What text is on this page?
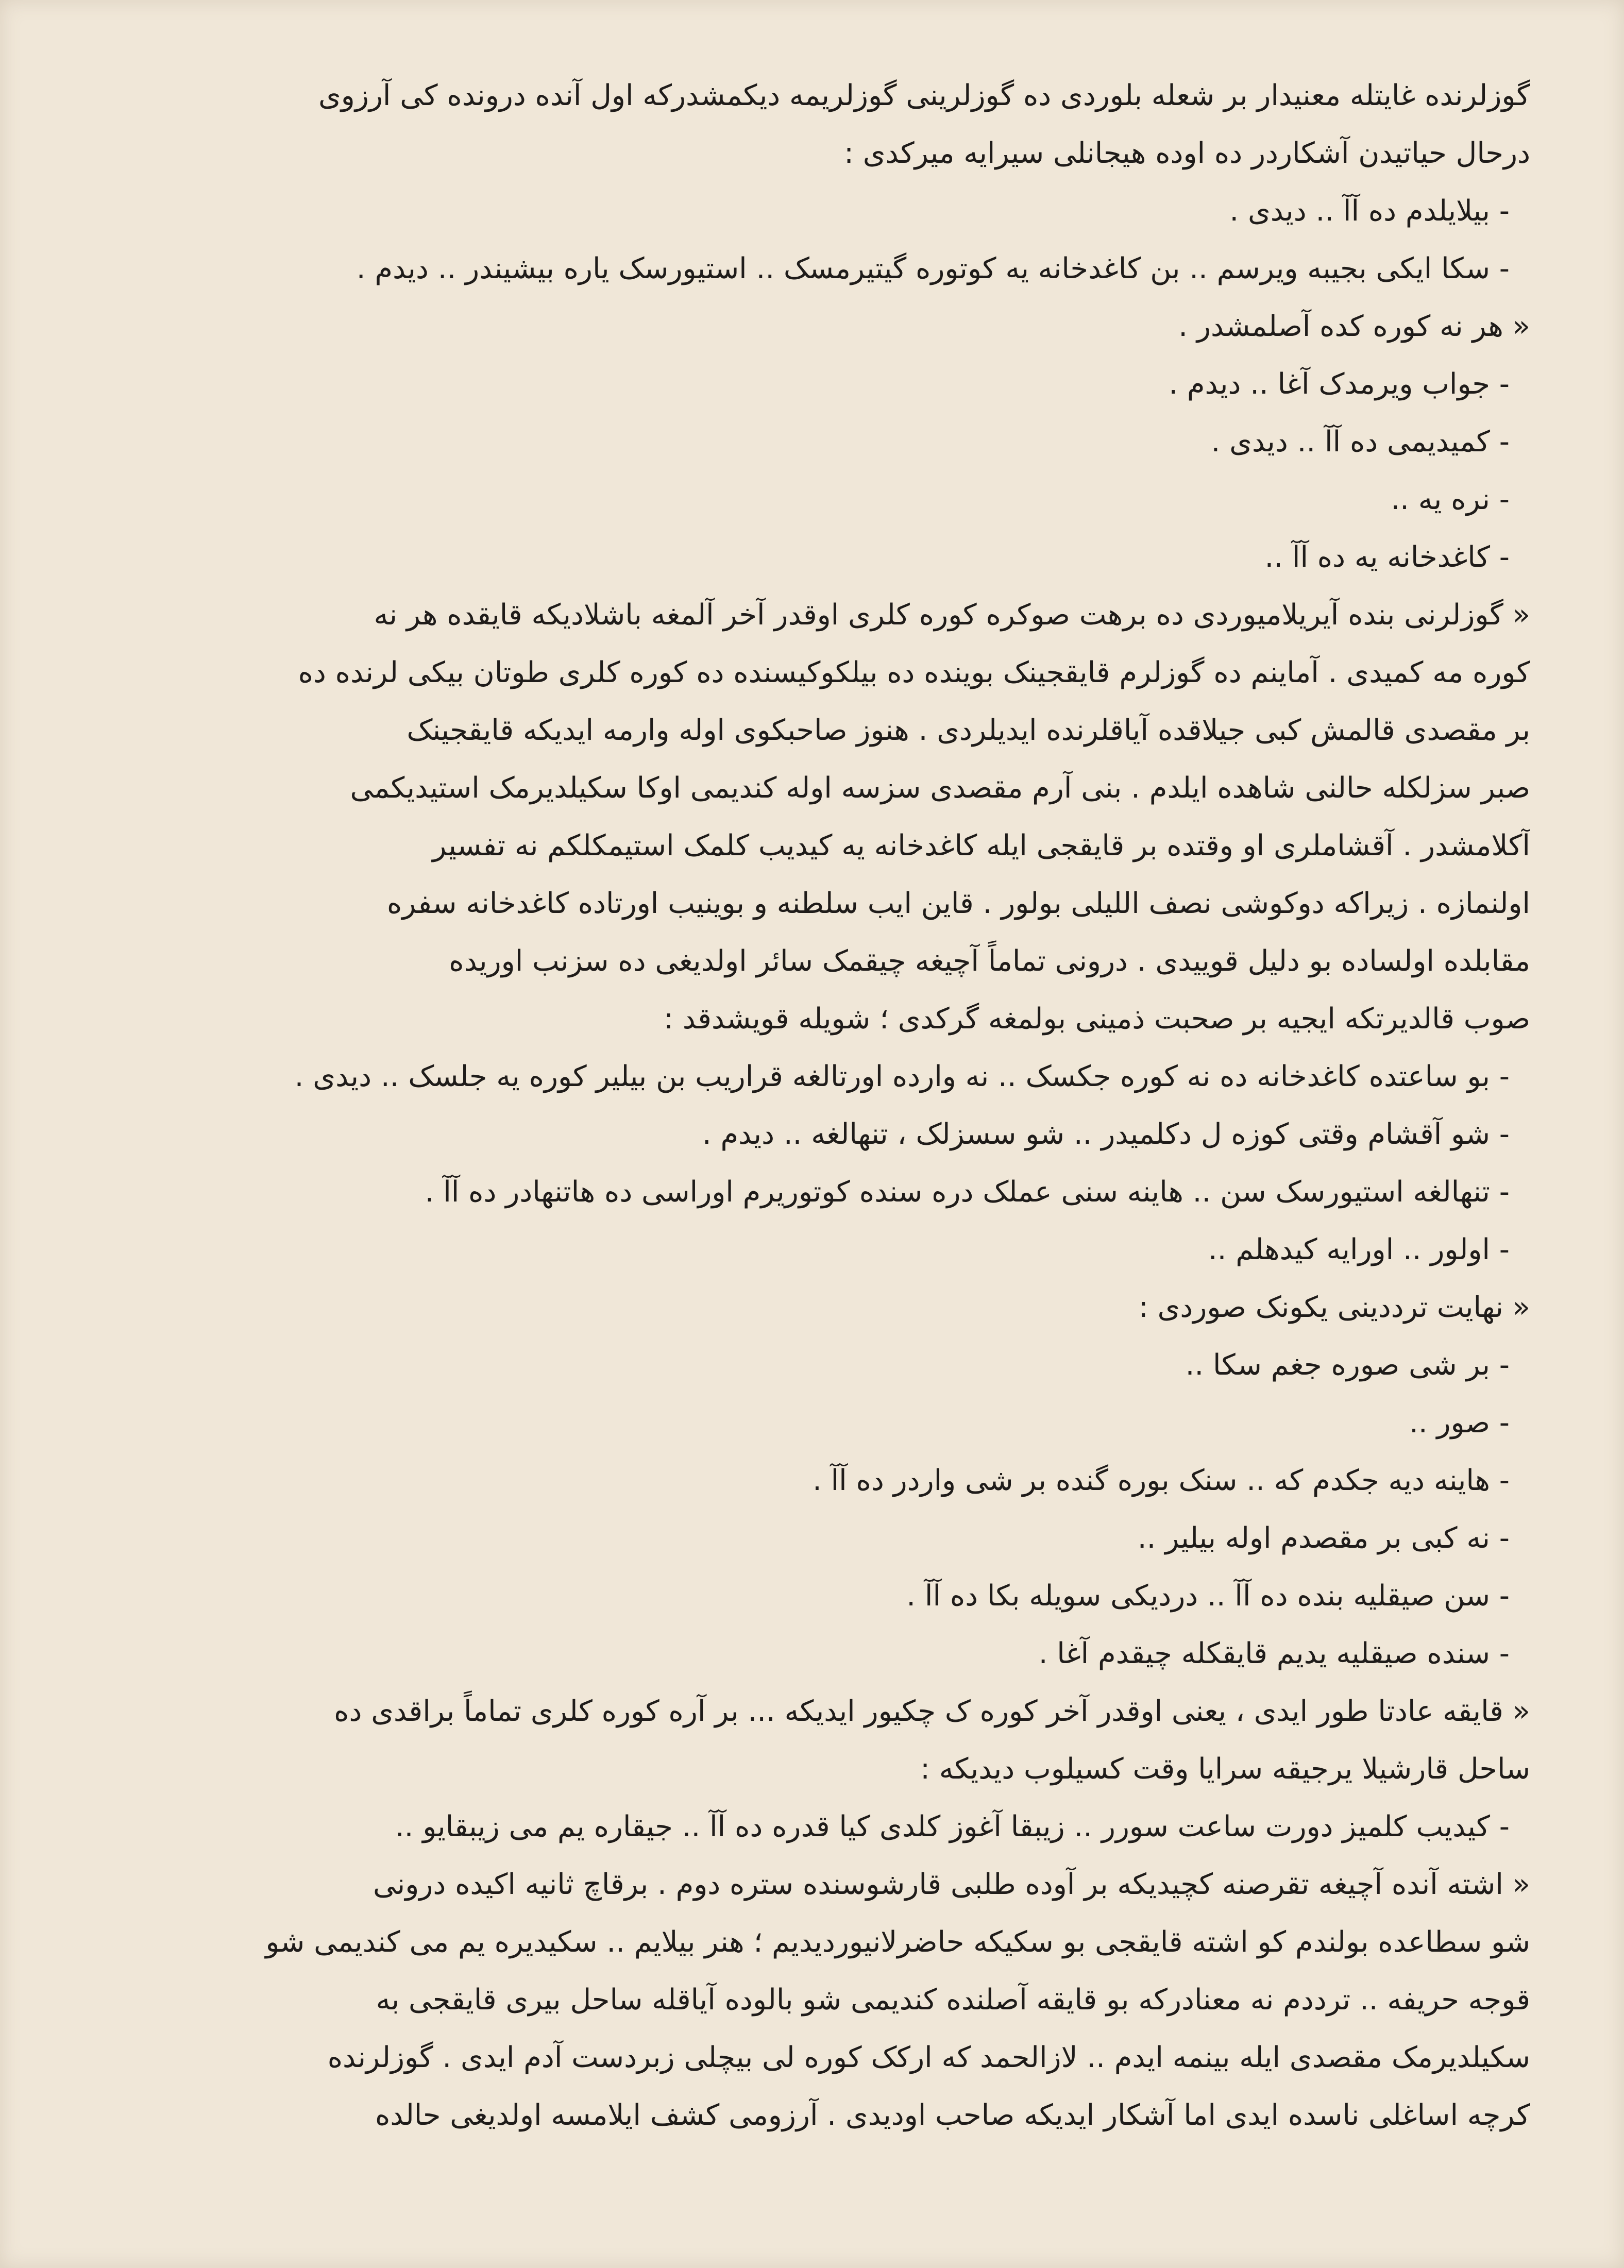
گوزلرنده غایتله معنیدار بر شعله بلوردی ده گوزلرینی گوزلریمه دیکمشدرکه اول آنده درونده کی آرزوی
درحال حیاتیدن آشکاردر ده اوده هیجانلی سیرایه میرکدی :
- بیلایلدم ده آآ .. دیدی .
- سکا ایکی بجیبه ویرسم .. بن کاغدخانه یه کوتوره گیتیرمسک .. استیورسک یاره بیشیندر .. دیدم .
« هر نه کوره کده آصلمشدر .
- جواب ویرمدک آغا .. دیدم .
- کمیدیمی ده آآ .. دیدی .
- نره یه ..
- کاغدخانه یه ده آآ ..
« گوزلرنی بنده آیریلامیوردی ده برهت صوکره کوره کلری اوقدر آخر آلمغه باشلادیکه قایقده هر نه
کوره مه کمیدی . آماینم ده گوزلرم قایقجینک بوینده ده بیلکوکیسنده ده کوره کلری طوتان بیکی لرنده ده
بر مقصدی قالمش کبی جیلاقده آیاقلرنده ایدیلردی . هنوز صاحبکوی اوله وارمه ایدیکه قایقجینک
صبر سزلکله حالنی شاهده ایلدم . بنی آرم مقصدی سزسه اوله کندیمی اوکا سکیلدیرمک استیدیکمی
آکلامشدر . آقشاملری او وقتده بر قایقجی ایله کاغدخانه یه کیدیب کلمک استیمکلکم نه تفسیر
اولنمازه . زیراکه دوکوشی نصف اللیلی بولور . قاین ایب سلطنه و بوینیب اورتاده کاغدخانه سفره
مقابلده اولساده بو دلیل قوییدی . درونی تماماً آچیغه چیقمک سائر اولدیغی ده سزنب اوریده
صوب قالدیرتکه ایجیه بر صحبت ذمینی بولمغه گرکدی ؛ شویله قویشدقد :
- بو ساعتده کاغدخانه ده نه کوره جکسک .. نه وارده اورتالغه قراریب بن بیلیر کوره یه جلسک .. دیدی .
- شو آقشام وقتی کوزه ل دکلمیدر .. شو سسزلک ، تنهالغه .. دیدم .
- تنهالغه استیورسک سن .. هاینه سنی عملک دره سنده کوتوریرم اوراسی ده هاتنهادر ده آآ .
- اولور .. اورایه کیدهلم ..
« نهایت ترددینی یکونک صوردی :
- بر شی صوره جغم سکا ..
- صور ..
- هاینه دیه جکدم که .. سنک بوره گنده بر شی واردر ده آآ .
- نه کبی بر مقصدم اوله بیلیر ..
- سن صیقلیه بنده ده آآ .. دردیکی سویله بکا ده آآ .
- سنده صیقلیه یدیم قایقکله چیقدم آغا .
« قایقه عادتا طور ایدی ، یعنی اوقدر آخر کوره ک چکیور ایدیکه ... بر آره کوره کلری تماماً براقدی ده
ساحل قارشیلا یرجیقه سرایا وقت کسیلوب دیدیکه :
- کیدیب کلمیز دورت ساعت سورر .. زیبقا آغوز کلدی کیا قدره ده آآ .. جیقاره یم می زیبقایو ..
« اشته آنده آچیغه تقرصنه کچیدیکه بر آوده طلبی قارشوسنده ستره دوم . برقاچ ثانیه اکیده درونی
شو سطاعده بولندم کو اشته قایقجی بو سکیکه حاضرلانیوردیدیم ؛ هنر بیلایم .. سکیدیره یم می کندیمی شو
قوجه حریفه .. ترددم نه معنادرکه بو قایقه آصلنده کندیمی شو بالوده آیاقله ساحل بیری قایقجی به
سکیلدیرمک مقصدی ایله بینمه ایدم .. لازالحمد که ارکک کوره لی بیچلی زبردست آدم ایدی . گوزلرنده
کرچه اساغلی ناسده ایدی اما آشکار ایدیکه صاحب اودیدی . آرزومی کشف ایلامسه اولدیغی حالده
